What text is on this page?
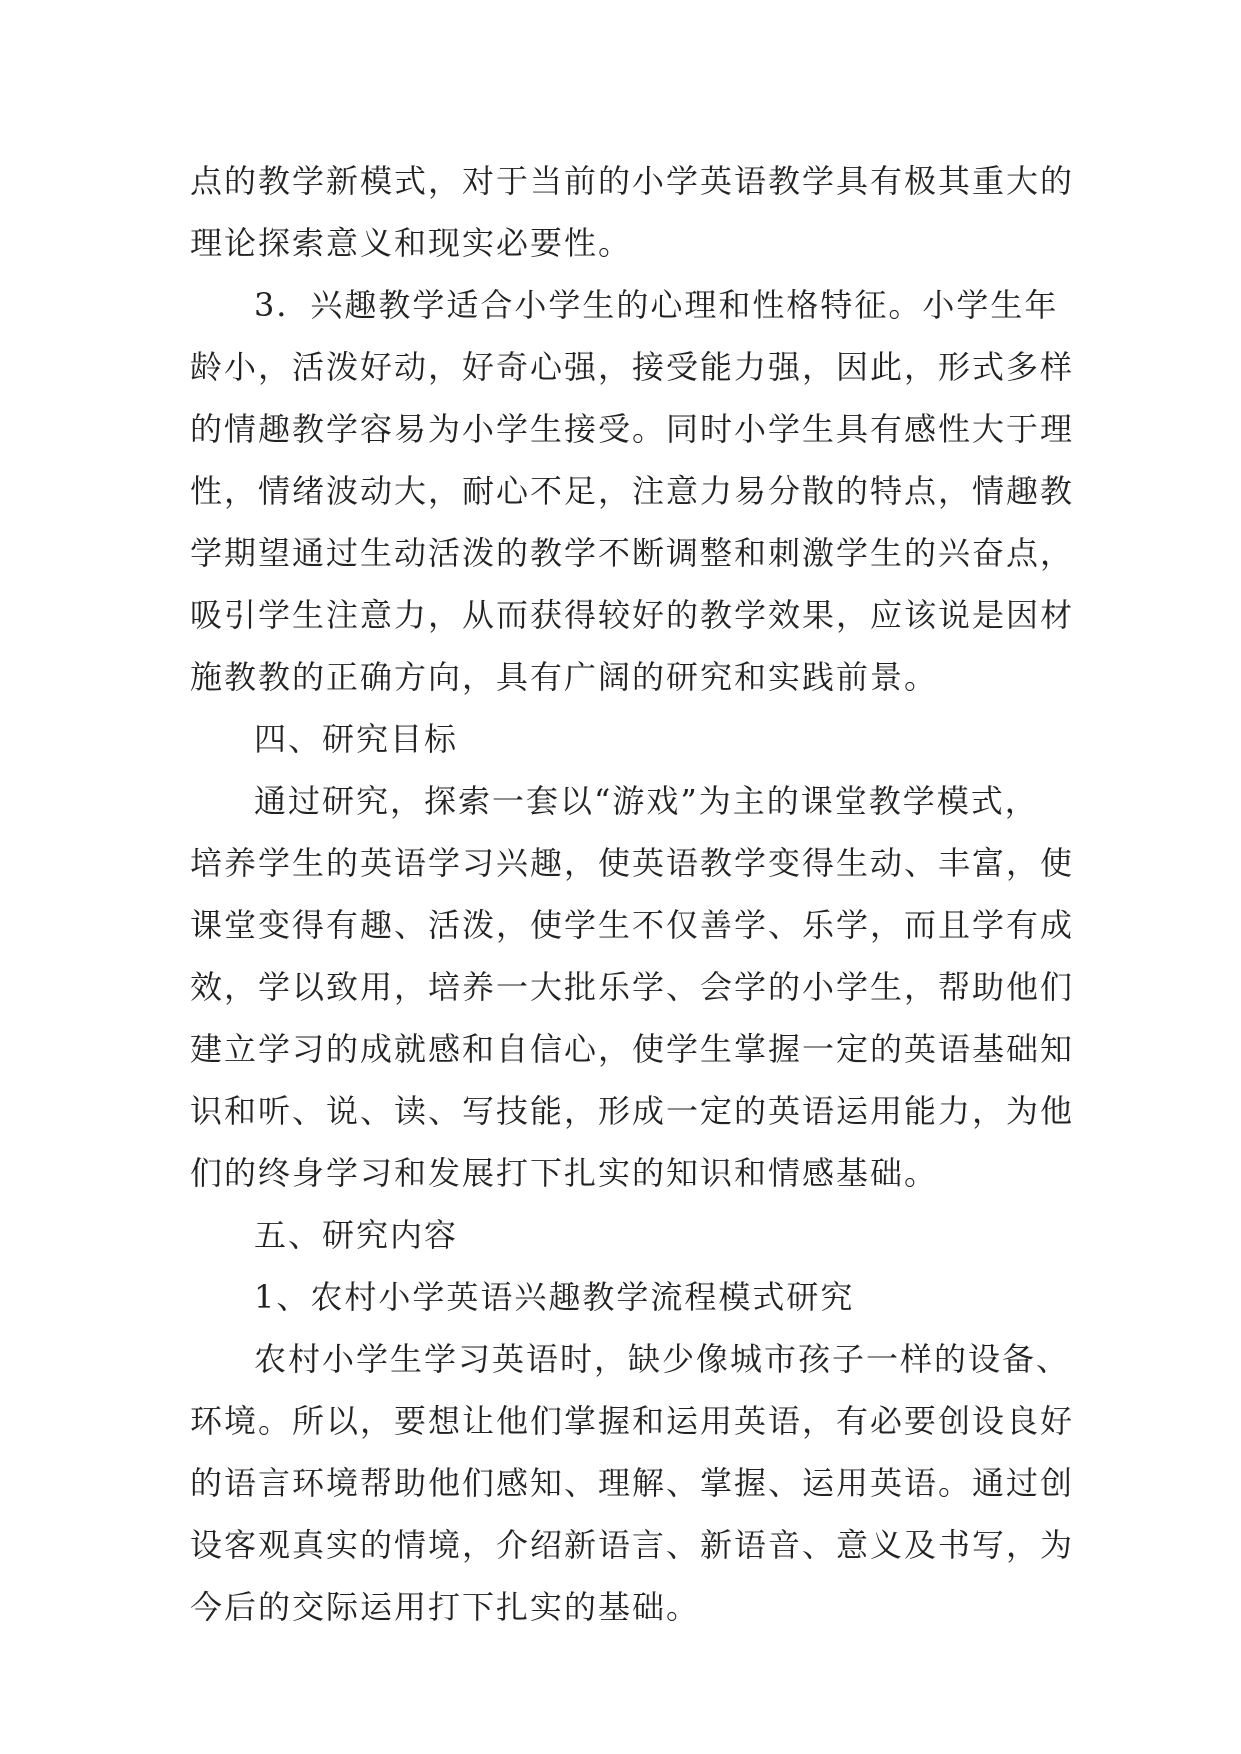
点的教学新模式，对于当前的小学英语教学具有极其重大的
理论探索意义和现实必要性。
3．兴趣教学适合小学生的心理和性格特征。小学生年
龄小，活泼好动，好奇心强，接受能力强，因此，形式多样
的情趣教学容易为小学生接受。同时小学生具有感性大于理
性，情绪波动大，耐心不足，注意力易分散的特点，情趣教
学期望通过生动活泼的教学不断调整和刺激学生的兴奋点，
吸引学生注意力，从而获得较好的教学效果，应该说是因材
施教教的正确方向，具有广阔的研究和实践前景。
四、研究目标
通过研究，探索一套以“游戏”为主的课堂教学模式，
培养学生的英语学习兴趣，使英语教学变得生动、丰富，使
课堂变得有趣、活泼，使学生不仅善学、乐学，而且学有成
效，学以致用，培养一大批乐学、会学的小学生，帮助他们
建立学习的成就感和自信心，使学生掌握一定的英语基础知
识和听、说、读、写技能，形成一定的英语运用能力，为他
们的终身学习和发展打下扎实的知识和情感基础。
五、研究内容
1、农村小学英语兴趣教学流程模式研究
农村小学生学习英语时，缺少像城市孩子一样的设备、
环境。所以，要想让他们掌握和运用英语，有必要创设良好
的语言环境帮助他们感知、理解、掌握、运用英语。通过创
设客观真实的情境，介绍新语言、新语音、意义及书写，为
今后的交际运用打下扎实的基础。
